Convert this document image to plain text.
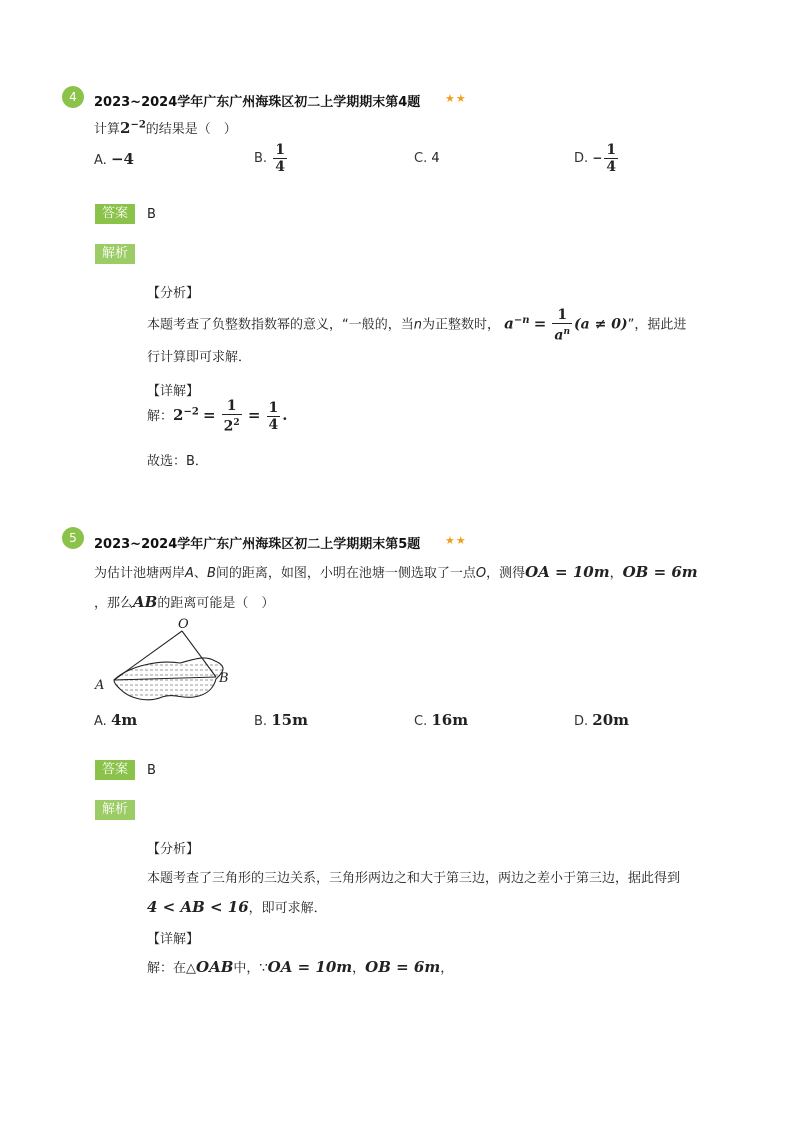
4	2023~2024学年广东广州海珠区初二上学期期末第4题 ★★
计算$2^{-2}$的结果是（　）
A. −4	B. $\frac{1}{4}$	C. 4	D. − $\frac{1}{4}$
答案	B
解析
【分析】
本题考查了负整数指数幂的意义，“一般的，当n为正整数时， $a^{-n} = \frac{1}{a^n} (a \ne 0)$”，据此进
行计算即可求解．
【详解】
解：$2^{-2} = \frac{1}{2^2} = \frac{1}{4}$ .
故选：B．
5	2023~2024学年广东广州海珠区初二上学期期末第5题 ★★
为估计池塘两岸A、B间的距离，如图，小明在池塘一侧选取了一点O，测得OA = 10m，OB = 6m
，那么AB的距离可能是（　）
O
A	B
A. 4m	B. 15m	C. 16m	D. 20m
答案	B
解析
【分析】
本题考查了三角形的三边关系，三角形两边之和大于第三边，两边之差小于第三边，据此得到
4 < AB < 16，即可求解．
【详解】
解：在△OAB中，∵OA = 10m，OB = 6m，
